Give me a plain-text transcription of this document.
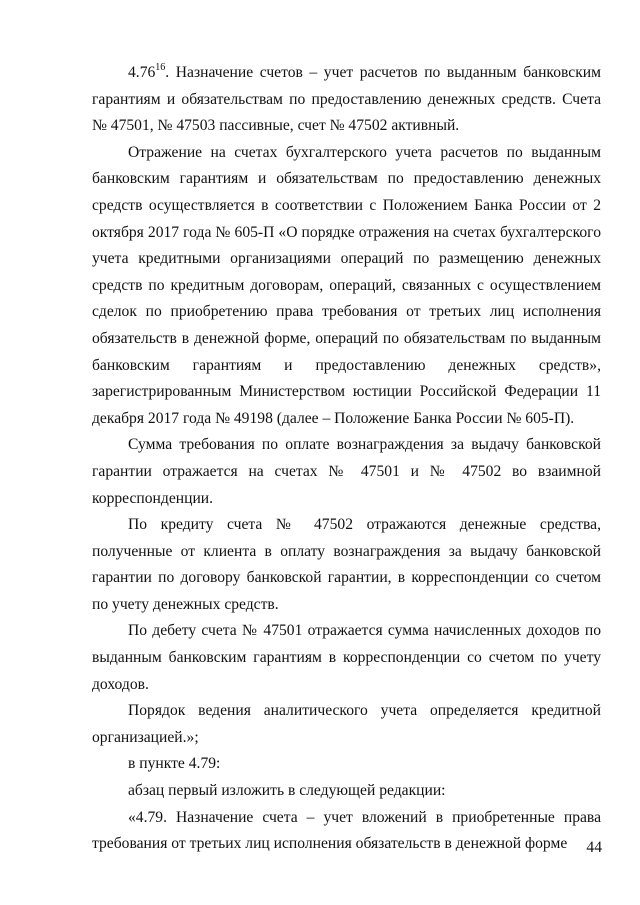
4.76$^{16}$. Назначение счетов – учет расчетов по выданным банковским гарантиям и обязательствам по предоставлению денежных средств. Счета № 47501, № 47503 пассивные, счет № 47502 активный.

Отражение на счетах бухгалтерского учета расчетов по выданным банковским гарантиям и обязательствам по предоставлению денежных средств осуществляется в соответствии с Положением Банка России от 2 октября 2017 года № 605-П «О порядке отражения на счетах бухгалтерского учета кредитными организациями операций по размещению денежных средств по кредитным договорам, операций, связанных с осуществлением сделок по приобретению права требования от третьих лиц исполнения обязательств в денежной форме, операций по обязательствам по выданным банковским гарантиям и предоставлению денежных средств», зарегистрированным Министерством юстиции Российской Федерации 11 декабря 2017 года № 49198 (далее – Положение Банка России № 605-П).

Сумма требования по оплате вознаграждения за выдачу банковской гарантии отражается на счетах № 47501 и № 47502 во взаимной корреспонденции.

По кредиту счета № 47502 отражаются денежные средства, полученные от клиента в оплату вознаграждения за выдачу банковской гарантии по договору банковской гарантии, в корреспонденции со счетом по учету денежных средств.

По дебету счета № 47501 отражается сумма начисленных доходов по выданным банковским гарантиям в корреспонденции со счетом по учету доходов.

Порядок ведения аналитического учета определяется кредитной организацией.»;

в пункте 4.79:

абзац первый изложить в следующей редакции:

«4.79. Назначение счета – учет вложений в приобретенные права требования от третьих лиц исполнения обязательств в денежной форме	44
